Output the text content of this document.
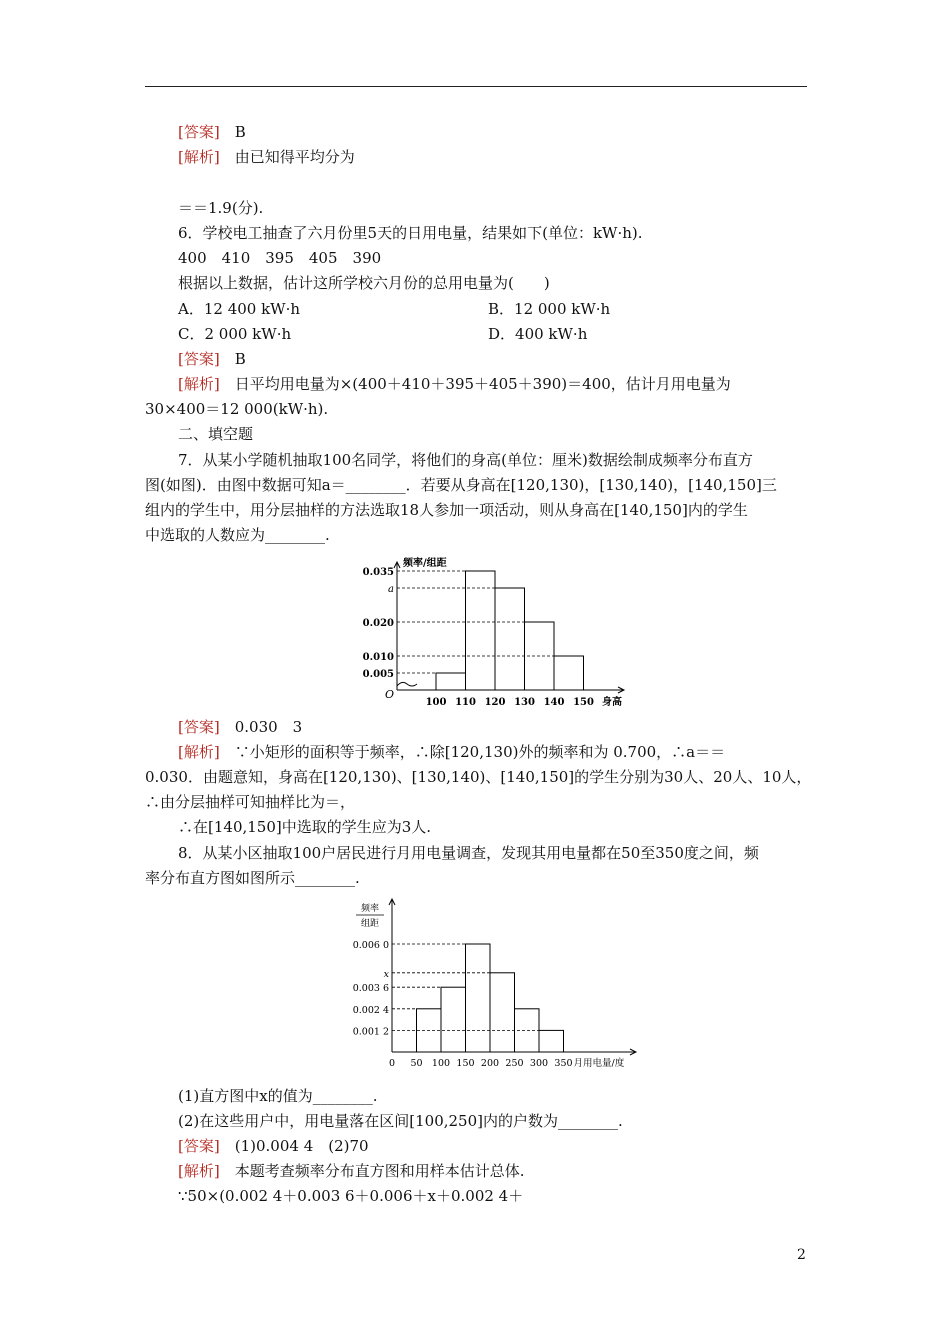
[答案]　 B
[解析]　 由已知得平均分为
＝＝1.9(分).
6．学校电工抽查了六月份里5天的日用电量，结果如下(单位：kW·h).
400　410　395　405　390
根据以上数据，估计这所学校六月份的总用电量为(　　)
A．12 400 kW·h	B．12 000 kW·h
C．2 000 kW·h	D．400 kW·h
[答案]　 B
[解析]　 日平均用电量为×(400＋410＋395＋405＋390)＝400，估计月用电量为
30×400＝12 000(kW·h).
二、填空题
7．从某小学随机抽取100名同学，将他们的身高(单位：厘米)数据绘制成频率分布直方
图(如图)．由图中数据可知a＝________．若要从身高在[120,130)，[130,140)，[140,150]三
组内的学生中，用分层抽样的方法选取18人参加一项活动，则从身高在[140,150]内的学生
中选取的人数应为________.
频率/组距
O
身高
0.035
a
0.020
0.010
0.005
100 110 120 130 140 150
[答案]　 0.030　3
[解析]　 ∵小矩形的面积等于频率，∴除[120,130)外的频率和为 0.700，∴a＝＝
0.030．由题意知，身高在[120,130)、[130,140)、[140,150]的学生分别为30人、20人、10人，
∴由分层抽样可知抽样比为＝，
∴在[140,150]中选取的学生应为3人.
8．从某小区抽取100户居民进行月用电量调查，发现其用电量都在50至350度之间，频
率分布直方图如图所示________.
频率
组距
0.006 0
x
0.003 6
0.002 4
0.001 2
0 50 100 150 200 250 300 350 月用电量/度
(1)直方图中x的值为________.
(2)在这些用户中，用电量落在区间[100,250]内的户数为________.
[答案]　 (1)0.004 4　(2)70
[解析]　 本题考查频率分布直方图和用样本估计总体.
∵50×(0.002 4＋0.003 6＋0.006＋x＋0.002 4＋
2
